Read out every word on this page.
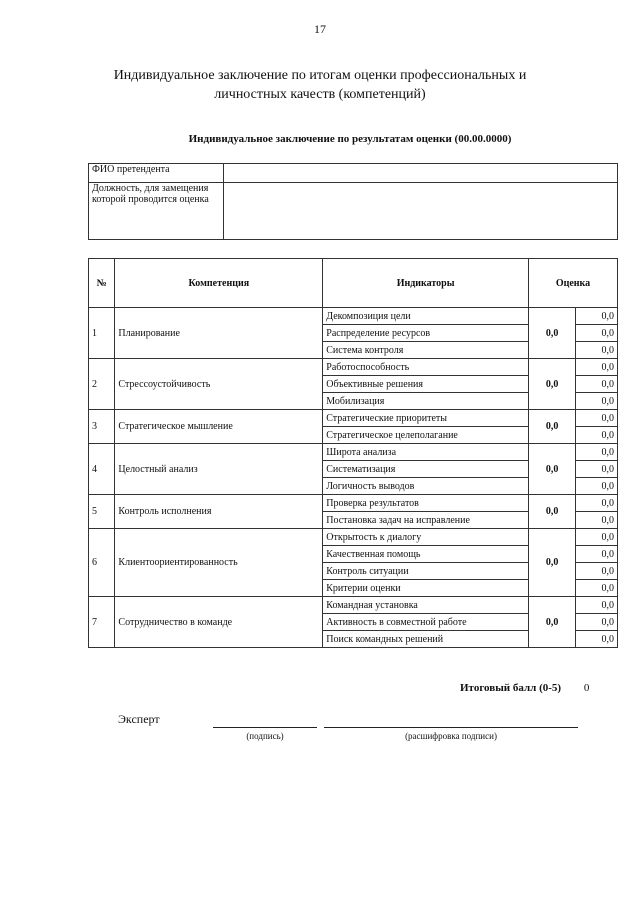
17
Индивидуальное заключение по итогам оценки профессиональных и личностных качеств (компетенций)
Индивидуальное заключение по результатам оценки (00.00.0000)
ФИО претендента	
Должность, для замещения которой проводится оценка	
№	Компетенция	Индикаторы	Оценка	
1	Планирование	Декомпозиция цели	0,0	0,0
		Распределение ресурсов		0,0
		Система контроля		0,0
2	Стрессоустойчивость	Работоспособность	0,0	0,0
		Объективные решения		0,0
		Мобилизация		0,0
3	Стратегическое мышление	Стратегические приоритеты	0,0	0,0
		Стратегическое целеполагание		0,0
4	Целостный анализ	Широта анализа	0,0	0,0
		Систематизация		0,0
		Логичность выводов		0,0
5	Контроль исполнения	Проверка результатов	0,0	0,0
		Постановка задач на исправление		0,0
6	Клиентоориентированность	Открытость к диалогу	0,0	0,0
		Качественная помощь		0,0
		Контроль ситуации		0,0
		Критерии оценки		0,0
7	Сотрудничество в команде	Командная установка	0,0	0,0
		Активность в совместной работе		0,0
		Поиск командных решений		0,0
Итоговый балл (0-5) 0
Эксперт
(подпись)	(расшифровка подписи)
